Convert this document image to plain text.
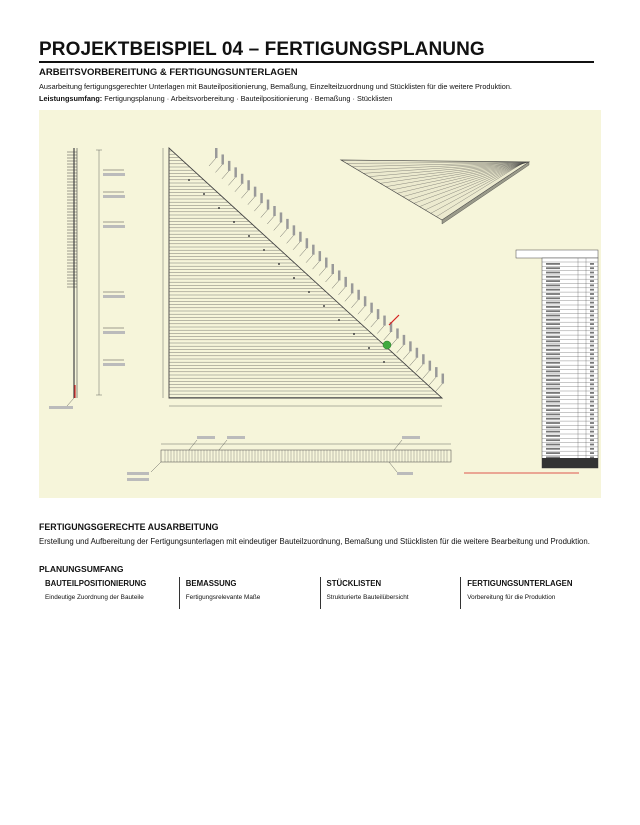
PROJEKTBEISPIEL 04 – FERTIGUNGSPLANUNG
ARBEITSVORBEREITUNG & FERTIGUNGSUNTERLAGEN
Ausarbeitung fertigungsgerechter Unterlagen mit Bauteilpositionierung, Bemaßung, Einzelteilzuordnung und Stücklisten für die weitere Produktion.
Leistungsumfang: Fertigungsplanung · Arbeitsvorbereitung · Bauteilpositionierung · Bemaßung · Stücklisten
FERTIGUNGSGERECHTE AUSARBEITUNG
Erstellung und Aufbereitung der Fertigungsunterlagen mit eindeutiger Bauteilzuordnung, Bemaßung und Stücklisten für die weitere Bearbeitung und Produktion.
PLANUNGSUMFANG
BAUTEILPOSITIONIERUNG
Eindeutige Zuordnung der Bauteile
BEMASSUNG
Fertigungsrelevante Maße
STÜCKLISTEN
Strukturierte Bauteilübersicht
FERTIGUNGSUNTERLAGEN
Vorbereitung für die Produktion
